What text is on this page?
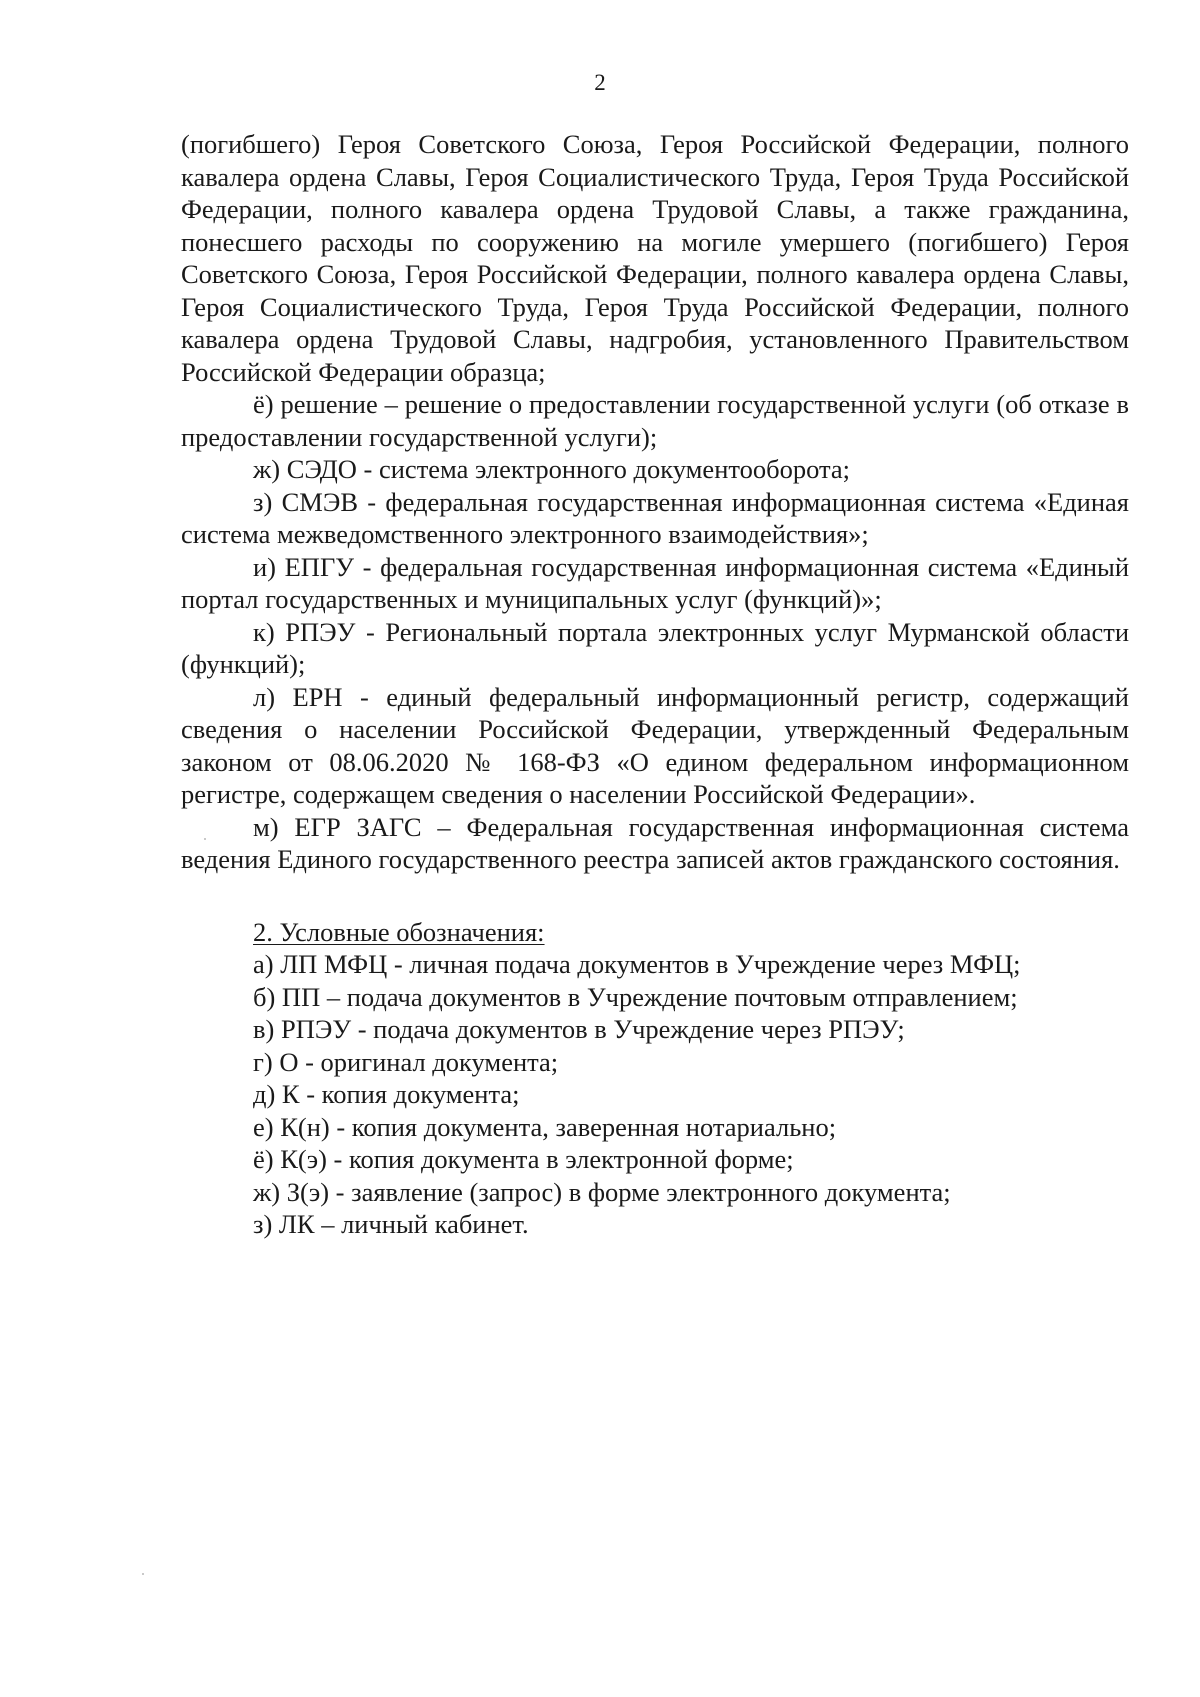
2

(погибшего) Героя Советского Союза, Героя Российской Федерации, полного кавалера ордена Славы, Героя Социалистического Труда, Героя Труда Российской Федерации, полного кавалера ордена Трудовой Славы, а также гражданина, понесшего расходы по сооружению на могиле умершего (погибшего) Героя Советского Союза, Героя Российской Федерации, полного кавалера ордена Славы, Героя Социалистического Труда, Героя Труда Российской Федерации, полного кавалера ордена Трудовой Славы, надгробия, установленного Правительством Российской Федерации образца;

ё) решение – решение о предоставлении государственной услуги (об отказе в предоставлении государственной услуги);

ж) СЭДО - система электронного документооборота;

з) СМЭВ - федеральная государственная информационная система «Единая система межведомственного электронного взаимодействия»;

и) ЕПГУ - федеральная государственная информационная система «Единый портал государственных и муниципальных услуг (функций)»;

к) РПЭУ - Региональный портала электронных услуг Мурманской области (функций);

л) ЕРН - единый федеральный информационный регистр, содержащий сведения о населении Российской Федерации, утвержденный Федеральным законом от 08.06.2020 № 168-ФЗ «О едином федеральном информационном регистре, содержащем сведения о населении Российской Федерации».

м) ЕГР ЗАГС – Федеральная государственная информационная система ведения Единого государственного реестра записей актов гражданского состояния.

2. Условные обозначения:

а) ЛП МФЦ - личная подача документов в Учреждение через МФЦ;
б) ПП – подача документов в Учреждение почтовым отправлением;
в) РПЭУ - подача документов в Учреждение через РПЭУ;
г) О - оригинал документа;
д) К - копия документа;
е) К(н) - копия документа, заверенная нотариально;
ё) К(э) - копия документа в электронной форме;
ж) З(э) - заявление (запрос) в форме электронного документа;
з) ЛК – личный кабинет.
